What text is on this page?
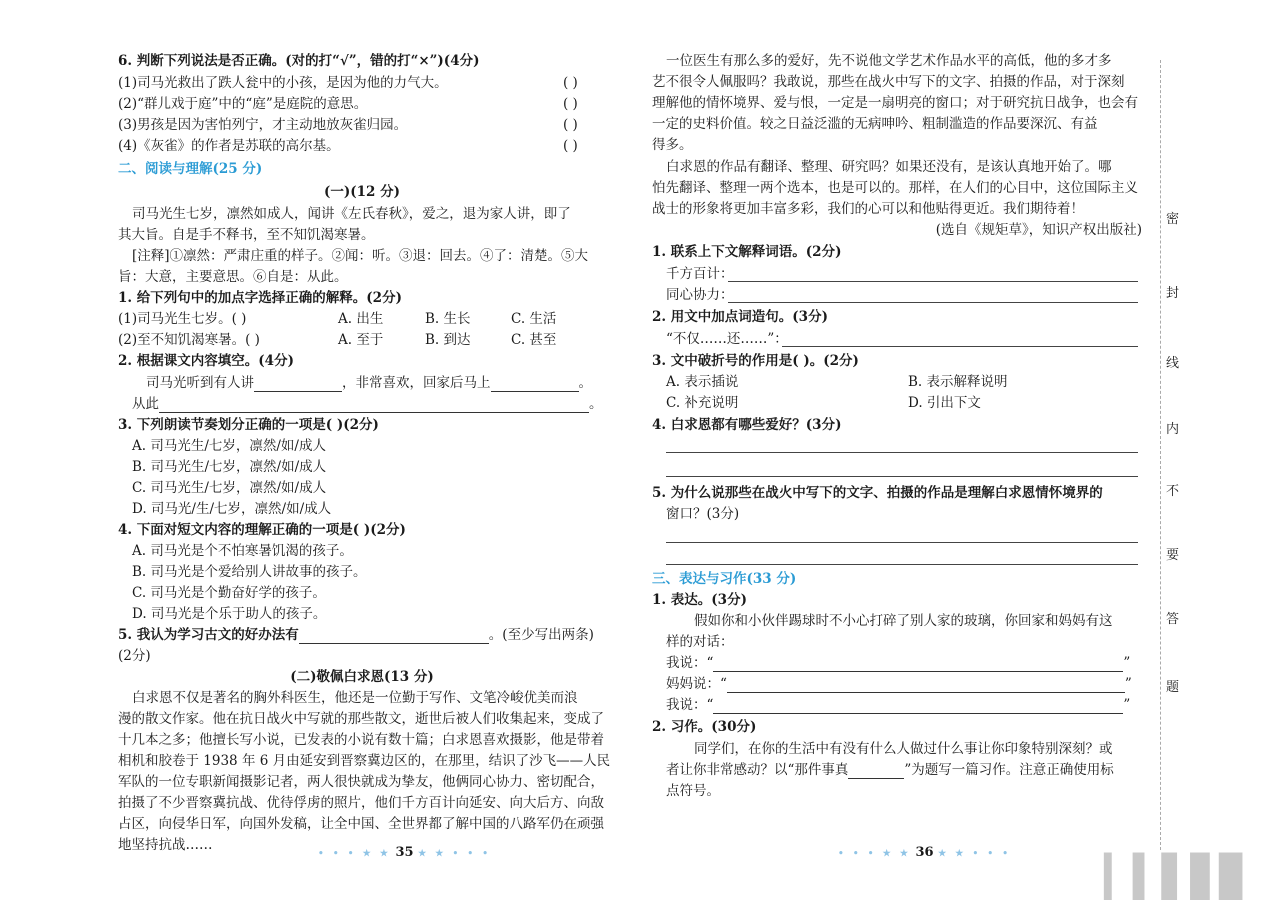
6. 判断下列说法是否正确。(对的打“√”，错的打“×”)(4分)
(1)司马光救出了跌人瓮中的小孩，是因为他的力气大。	( )
(2)“群儿戏于庭”中的“庭”是庭院的意思。	( )
(3)男孩是因为害怕列宁，才主动地放灰雀归园。	( )
(4)《灰雀》的作者是苏联的高尔基。	( )
二、阅读与理解(25 分)
(一)(12 分)
司马光生七岁，凛然如成人，闻讲《左氏春秋》，爱之，退为家人讲，即了
其大旨。自是手不释书，至不知饥渴寒暑。
[注释]①凛然：严肃庄重的样子。②闻：听。③退：回去。④了：清楚。⑤大
旨：大意，主要意思。⑥自是：从此。
1. 给下列句中的加点字选择正确的解释。(2分)
(1)司马光生七岁。( )	A. 出生	B. 生长	C. 生活
(2)至不知饥渴寒暑。( )	A. 至于	B. 到达	C. 甚至
2. 根据课文内容填空。(4分)
司马光听到有人讲	，非常喜欢，回家后马上	。
从此	。
3. 下列朗读节奏划分正确的一项是( )(2分)
A. 司马光生/七岁，凛然/如/成人
B. 司马光生/七岁，凛然/如/成人
C. 司马光生/七岁，凛然/如/成人
D. 司马光/生/七岁，凛然/如/成人
4. 下面对短文内容的理解正确的一项是( )(2分)
A. 司马光是个不怕寒暑饥渴的孩子。
B. 司马光是个爱给别人讲故事的孩子。
C. 司马光是个勤奋好学的孩子。
D. 司马光是个乐于助人的孩子。
5. 我认为学习古文的好办法有	。(至少写出两条)
(2分)
(二)敬佩白求恩(13 分)
白求恩不仅是著名的胸外科医生，他还是一位勤于写作、文笔冷峻优美而浪
漫的散文作家。他在抗日战火中写就的那些散文，逝世后被人们收集起来，变成了
十几本之多；他擅长写小说，已发表的小说有数十篇；白求恩喜欢摄影，他是带着
相机和胶卷于 1938 年 6 月由延安到晋察冀边区的，在那里，结识了沙飞——人民
军队的一位专职新闻摄影记者，两人很快就成为挚友，他俩同心协力、密切配合，
拍摄了不少晋察冀抗战、优待俘虏的照片，他们千方百计向延安、向大后方、向敌
占区，向侵华日军，向国外发稿，让全中国、全世界都了解中国的八路军仍在顽强
地坚持抗战……
一位医生有那么多的爱好，先不说他文学艺术作品水平的高低，他的多才多
艺不很令人佩服吗？我敢说，那些在战火中写下的文字、拍摄的作品，对于深刻
理解他的情怀境界、爱与恨，一定是一扇明亮的窗口；对于研究抗日战争，也会有
一定的史料价值。较之日益泛滥的无病呻吟、粗制滥造的作品要深沉、有益
得多。
白求恩的作品有翻译、整理、研究吗？如果还没有，是该认真地开始了。哪
怕先翻译、整理一两个选本，也是可以的。那样，在人们的心目中，这位国际主义
战士的形象将更加丰富多彩，我们的心可以和他贴得更近。我们期待着！
(选自《规矩草》，知识产权出版社)
1. 联系上下文解释词语。(2分)
千方百计：
同心协力：
2. 用文中加点词造句。(3分)
“不仅……还……”：
3. 文中破折号的作用是( )。(2分)
A. 表示插说	B. 表示解释说明
C. 补充说明	D. 引出下文
4. 白求恩都有哪些爱好？(3分)
5. 为什么说那些在战火中写下的文字、拍摄的作品是理解白求恩情怀境界的
窗口？(3分)
三、表达与习作(33 分)
1. 表达。(3分)
假如你和小伙伴踢球时不小心打碎了别人家的玻璃，你回家和妈妈有这
样的对话：
我说：“	”
妈妈说：“	”
我说：“	”
2. 习作。(30分)
同学们，在你的生活中有没有什么人做过什么事让你印象特别深刻？或
者让你非常感动？以“那件事真	”为题写一篇习作。注意正确使用标
点符号。
• • • ★ ★ 35 ★ ★ • • •	• • • ★ ★ 36 ★ ★ • • •
密
封
线
内
不
要
答
题
▎▍▌▋▊
